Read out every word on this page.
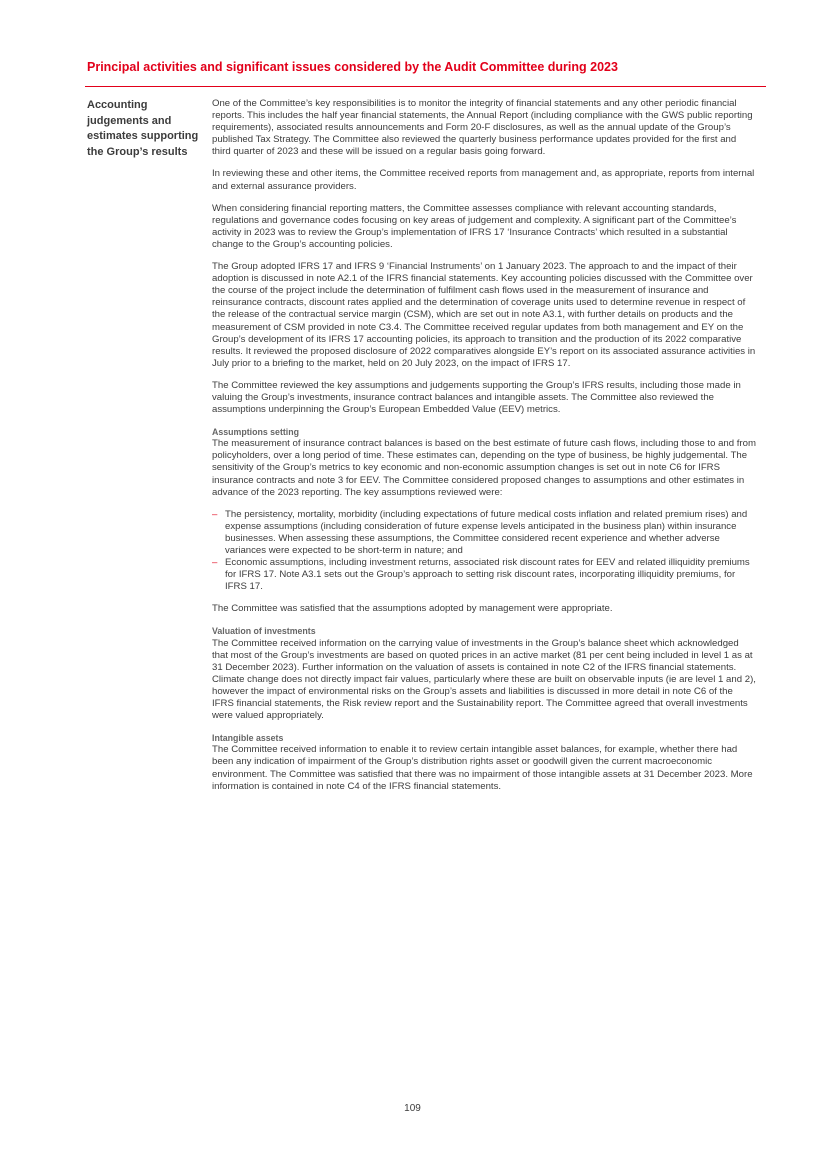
Principal activities and significant issues considered by the Audit Committee during 2023
Accounting judgements and estimates supporting the Group’s results

One of the Committee’s key responsibilities is to monitor the integrity of financial statements and any other periodic financial reports. This includes the half year financial statements, the Annual Report (including compliance with the GWS public reporting requirements), associated results announcements and Form 20-F disclosures, as well as the annual update of the Group’s published Tax Strategy. The Committee also reviewed the quarterly business performance updates provided for the first and third quarter of 2023 and these will be issued on a regular basis going forward.

In reviewing these and other items, the Committee received reports from management and, as appropriate, reports from internal and external assurance providers.

When considering financial reporting matters, the Committee assesses compliance with relevant accounting standards, regulations and governance codes focusing on key areas of judgement and complexity. A significant part of the Committee’s activity in 2023 was to review the Group’s implementation of IFRS 17 ‘Insurance Contracts’ which resulted in a substantial change to the Group’s accounting policies.

The Group adopted IFRS 17 and IFRS 9 ‘Financial Instruments’ on 1 January 2023. The approach to and the impact of their adoption is discussed in note A2.1 of the IFRS financial statements. Key accounting policies discussed with the Committee over the course of the project include the determination of fulfilment cash flows used in the measurement of insurance and reinsurance contracts, discount rates applied and the determination of coverage units used to determine revenue in respect of the release of the contractual service margin (CSM), which are set out in note A3.1, with further details on products and the measurement of CSM provided in note C3.4. The Committee received regular updates from both management and EY on the Group’s development of its IFRS 17 accounting policies, its approach to transition and the production of its 2022 comparative results. It reviewed the proposed disclosure of 2022 comparatives alongside EY’s report on its associated assurance activities in July prior to a briefing to the market, held on 20 July 2023, on the impact of IFRS 17.

The Committee reviewed the key assumptions and judgements supporting the Group’s IFRS results, including those made in valuing the Group’s investments, insurance contract balances and intangible assets. The Committee also reviewed the assumptions underpinning the Group’s European Embedded Value (EEV) metrics.

Assumptions setting

The measurement of insurance contract balances is based on the best estimate of future cash flows, including those to and from policyholders, over a long period of time. These estimates can, depending on the type of business, be highly judgemental. The sensitivity of the Group’s metrics to key economic and non-economic assumption changes is set out in note C6 for IFRS insurance contracts and note 3 for EEV. The Committee considered proposed changes to assumptions and other estimates in advance of the 2023 reporting. The key assumptions reviewed were:

– The persistency, mortality, morbidity (including expectations of future medical costs inflation and related premium rises) and expense assumptions (including consideration of future expense levels anticipated in the business plan) within insurance businesses. When assessing these assumptions, the Committee considered recent experience and whether adverse variances were expected to be short-term in nature; and
– Economic assumptions, including investment returns, associated risk discount rates for EEV and related illiquidity premiums for IFRS 17. Note A3.1 sets out the Group’s approach to setting risk discount rates, incorporating illiquidity premiums, for IFRS 17.

The Committee was satisfied that the assumptions adopted by management were appropriate.

Valuation of investments

The Committee received information on the carrying value of investments in the Group’s balance sheet which acknowledged that most of the Group’s investments are based on quoted prices in an active market (81 per cent being included in level 1 as at 31 December 2023). Further information on the valuation of assets is contained in note C2 of the IFRS financial statements. Climate change does not directly impact fair values, particularly where these are built on observable inputs (ie are level 1 and 2), however the impact of environmental risks on the Group’s assets and liabilities is discussed in more detail in note C6 of the IFRS financial statements, the Risk review report and the Sustainability report. The Committee agreed that overall investments were valued appropriately.

Intangible assets

The Committee received information to enable it to review certain intangible asset balances, for example, whether there had been any indication of impairment of the Group’s distribution rights asset or goodwill given the current macroeconomic environment. The Committee was satisfied that there was no impairment of those intangible assets at 31 December 2023. More information is contained in note C4 of the IFRS financial statements.

109
